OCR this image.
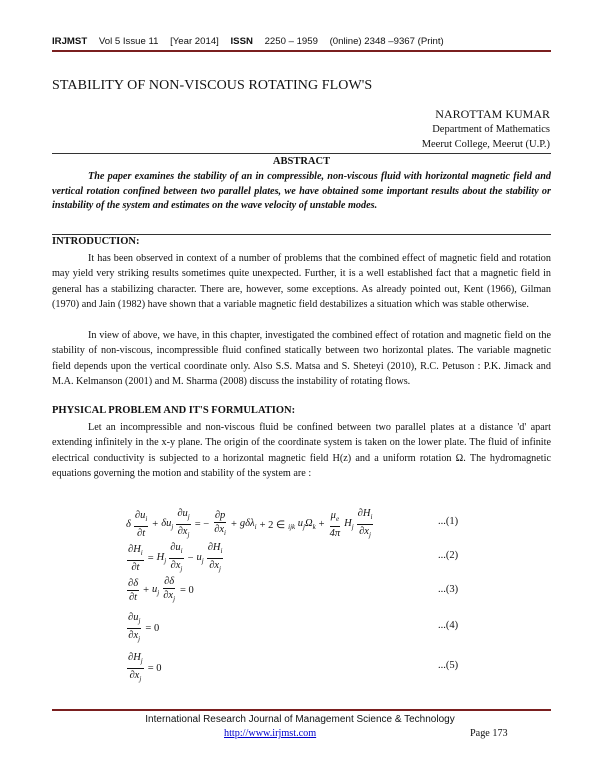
IRJMST Vol 5 Issue 11 [Year 2014] ISSN 2250 – 1959 (0nline) 2348 –9367 (Print)
STABILITY OF NON-VISCOUS ROTATING FLOW'S
NAROTTAM KUMAR
Department of Mathematics
Meerut College, Meerut (U.P.)
ABSTRACT
The paper examines the stability of an in compressible, non-viscous fluid with horizontal magnetic field and vertical rotation confined between two parallel plates, we have obtained some important results about the stability or instability of the system and estimates on the wave velocity of unstable modes.
INTRODUCTION:
It has been observed in context of a number of problems that the combined effect of magnetic field and rotation may yield very striking results sometimes quite unexpected. Further, it is a well established fact that a magnetic field in general has a stabilizing character. There are, however, some exceptions. As already pointed out, Kent (1966), Gilman (1970) and Jain (1982) have shown that a variable magnetic field destabilizes a situation which was stable otherwise.
In view of above, we have, in this chapter, investigated the combined effect of rotation and magnetic field on the stability of non-viscous, incompressible fluid confined statically between two horizontal plates. The variable magnetic field depends upon the vertical coordinate only. Also S.S. Matsa and S. Sheteyi (2010), R.C. Petuson : P.K. Jimack and M.A. Kelmanson (2001) and M. Sharma (2008) discuss the instability of rotating flows.
PHYSICAL PROBLEM AND IT'S FORMULATION:
Let an incompressible and non-viscous fluid be confined between two parallel plates at a distance 'd' apart extending infinitely in the x-y plane. The origin of the coordinate system is taken on the lower plate. The fluid of infinite electrical conductivity is subjected to a horizontal magnetic field H(z) and a uniform rotation Ω. The hydromagnetic equations governing the motion and stability of the system are :
δ $\frac{\partial u_i}{\partial t} + \delta u_j \frac{\partial u_j}{\partial x_j}$ = − $\frac{\partial p}{\partial x_i} + g\delta\lambda_i + 2$ ∈ $_{ijk}$ $u_j\Omega_k + \frac{\mu_e}{4\pi} H_j \frac{\partial H_i}{\partial x_j}$	...(1)
$\frac{\partial H_i}{\partial t} = H_j \frac{\partial u_i}{\partial x_j} - u_j \frac{\partial H_i}{\partial x_j}$	...(2)
$\frac{\partial\delta}{\partial t} + u_j \frac{\partial\delta}{\partial x_j} = 0$	...(3)
$\frac{\partial u_j}{\partial x_j} = 0$	...(4)
$\frac{\partial H_j}{\partial x_j} = 0$	...(5)
International Research Journal of Management Science & Technology
http://www.irjmst.com	Page 173
